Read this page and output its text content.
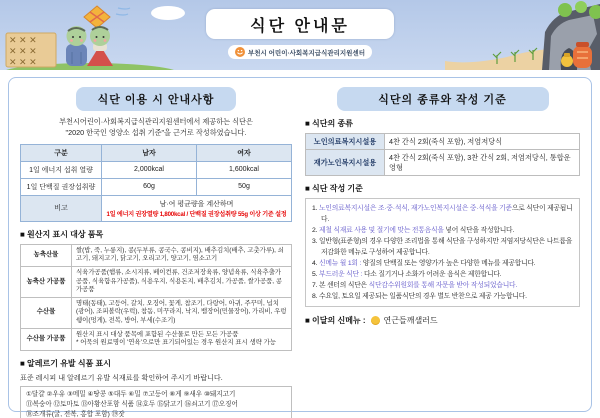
✕ ✕ ✕
✕ ✕ ✕
✕ ✕ ✕
식단 안내문
부천시 어린이·사회복지급식관리지원센터
식단 이용 시 안내사항
부천시어린이·사회복지급식관리지원센터에서 제공하는 식단은
"2020 한국인 영양소 섭취 기준"을 근거로 작성하였습니다.
구분	남자	여자
1일 에너지 섭취 열량	2,000kcal	1,600kcal
1일 단백질 권장섭취량	60g	50g
비고	남·여 평균량을 계산하며
1일 에너지 권장열량 1,800kcal / 단백질 권장섭취량 55g 이상 기준 설정	
■ 원산지 표시 대상 품목
농축산물	쌀(밥, 죽, 누룽지), 콩(두부류, 콩국수, 콩비지), 배추김치(배추, 고춧가루), 쇠고기, 돼지고기, 닭고기, 오리고기, 양고기, 염소고기
농축산 가공품	식육가공품(햄류, 소시지류, 베이컨류, 건조저장육류, 양념육류, 식육추출가공품, 식육함유가공품), 식용우지, 식용돈지, 배추김치, 가공품, 쌀가공품, 콩가공품
수산물	명태(동태), 고등어, 갈치, 오징어, 꽃게, 참조기, 다랑어, 아귀, 주꾸미, 넙치(광어), 조피볼락(우럭), 참돔, 미꾸라지, 낙지, 뱀장어(민물장어), 가리비, 우렁쉥이(멍게), 전복, 방어, 부세(수조기)
수산물 가공품	원산지 표시 대상 품목에 포함된 수산물로 만든 모든 가공품
* 어묵의 원료명이 '연육'으로만 표기되어있는 경우 원산지 표시 생략 가능
■ 알레르기 유발 식품 표시
표준 레시피 내 알레르기 유발 식재료를 확인하여 주시기 바랍니다.
①달걀 ②우유 ③메밀 ④땅콩 ⑤대두 ⑥밀 ⑦고등어 ⑧게 ⑨새우 ⑩돼지고기
⑪복숭아 ⑫토마토 ⑬아황산포함 식품 ⑭호두 ⑮닭고기 ⑯쇠고기 ⑰오징어
⑱조개류(굴, 전복, 홍합 포함) ⑲잣
식단의 종류와 작성 기준
■ 식단의 종류
노인의료복지시설용	4찬 간식 2회(죽식 포함), 저염저당식
재가노인복지시설용	4찬 간식 2회(죽식 포함), 3찬 간식 2회, 저염저당식, 통합운영형
■ 식단 작성 기준
1. 노인의료복지시설은 조·중·석식, 재가노인복지시설은 중·석식을 기준으로 식단이 제공됩니다.
2. 제철 식재료 사용 및 절기에 맞는 전통음식을 넣어 식단을 작성합니다.
3. 일반형(표준형)의 경우 다양한 조리법을 통해 식단을 구성하지만 저염저당식단은 나트륨을 저감화한 메뉴로 구성하여 제공합니다.
4. 신메뉴 월 1회 : 양질의 단백질 또는 영양가가 높은 다양한 메뉴를 제공합니다.
5. 부드러운 식단 : 다소 질기거나 소화가 어려운 음식은 제한합니다.
7. 본 센터의 식단은 식단감수위원회를 통해 자문을 받아 작성되었습니다.
8. 수요일, 토요일 제공되는 일품식단의 경우 별도 반찬으로 제공 가능합니다.
■ 이달의 신메뉴 : 연근들깨샐러드
